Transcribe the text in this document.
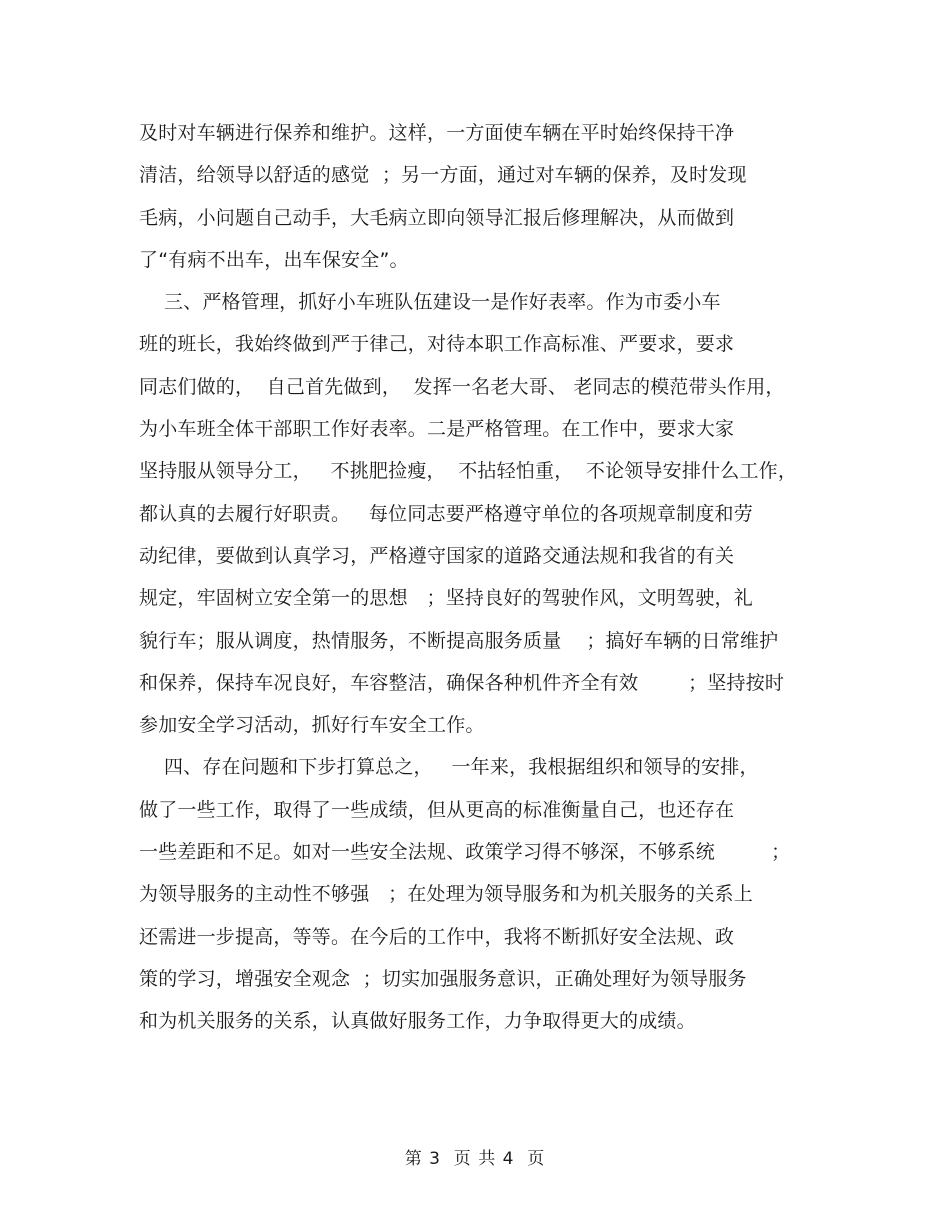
及时对车辆进行保养和维护。这样，一方面使车辆在平时始终保持干净
清洁，给领导以舒适的感觉  ；另一方面，通过对车辆的保养，及时发现
毛病，小问题自己动手，大毛病立即向领导汇报后修理解决，从而做到
了“有病不出车，出车保安全”。
三、严格管理，抓好小车班队伍建设一是作好表率。作为市委小车
班的班长，我始终做到严于律己，对待本职工作高标准、严要求，要求
同志们做的，  自己首先做到，  发挥一名老大哥、 老同志的模范带头作用，
为小车班全体干部职工作好表率。二是严格管理。在工作中，要求大家
坚持服从领导分工，   不挑肥捡瘦，  不拈轻怕重，  不论领导安排什么工作，
都认真的去履行好职责。   每位同志要严格遵守单位的各项规章制度和劳
动纪律，要做到认真学习，严格遵守国家的道路交通法规和我省的有关
规定，牢固树立安全第一的思想   ；坚持良好的驾驶作风，文明驾驶，礼
貌行车；服从调度，热情服务，不断提高服务质量    ；搞好车辆的日常维护
和保养，保持车况良好，车容整洁，确保各种机件齐全有效        ；坚持按时
参加安全学习活动，抓好行车安全工作。
四、存在问题和下步打算总之，   一年来，我根据组织和领导的安排，
做了一些工作，取得了一些成绩，但从更高的标准衡量自己，也还存在
一些差距和不足。如对一些安全法规、政策学习得不够深，不够系统         ；
为领导服务的主动性不够强   ；在处理为领导服务和为机关服务的关系上
还需进一步提高，等等。在今后的工作中，我将不断抓好安全法规、政
策的学习，增强安全观念  ；切实加强服务意识，正确处理好为领导服务
和为机关服务的关系，认真做好服务工作，力争取得更大的成绩。
第 3  页 共 4  页
